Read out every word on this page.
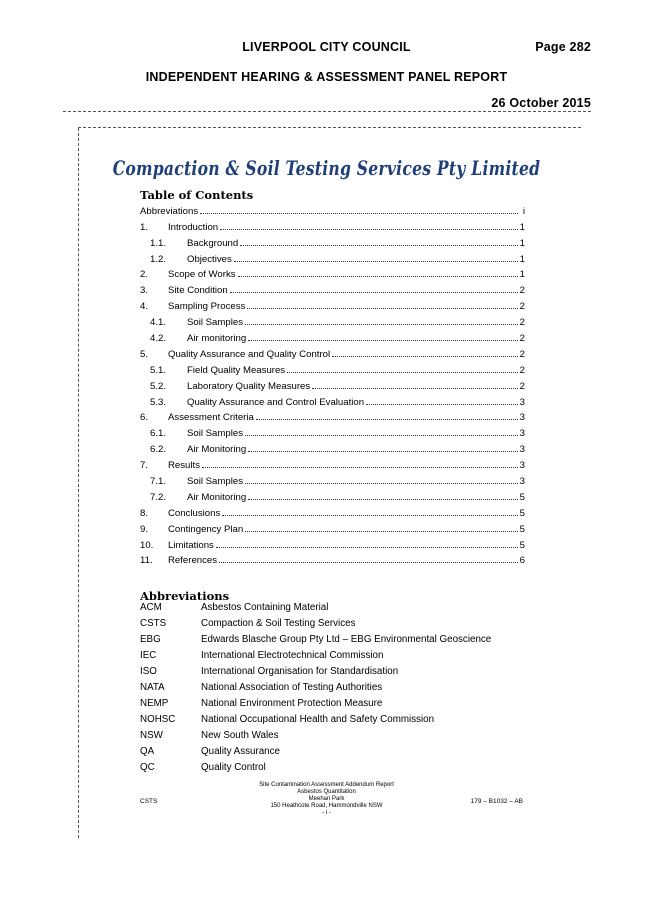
LIVERPOOL CITY COUNCIL	Page 282
INDEPENDENT HEARING & ASSESSMENT PANEL REPORT
26 October 2015
Compaction & Soil Testing Services Pty Limited
Table of Contents
Abbreviations	i
1.	Introduction	1
1.1.	Background	1
1.2.	Objectives	1
2.	Scope of Works	1
3.	Site Condition	2
4.	Sampling Process	2
4.1.	Soil Samples	2
4.2.	Air monitoring	2
5.	Quality Assurance and Quality Control	2
5.1.	Field Quality Measures	2
5.2.	Laboratory Quality Measures	2
5.3.	Quality Assurance and Control Evaluation	3
6.	Assessment Criteria	3
6.1.	Soil Samples	3
6.2.	Air Monitoring	3
7.	Results	3
7.1.	Soil Samples	3
7.2.	Air Monitoring	5
8.	Conclusions	5
9.	Contingency Plan	5
10.	Limitations	5
11.	References	6
Abbreviations
ACM	Asbestos Containing Material
CSTS	Compaction & Soil Testing Services
EBG	Edwards Blasche Group Pty Ltd – EBG Environmental Geoscience
IEC	International Electrotechnical Commission
ISO	International Organisation for Standardisation
NATA	National Association of Testing Authorities
NEMP	National Environment Protection Measure
NOHSC	National Occupational Health and Safety Commission
NSW	New South Wales
QA	Quality Assurance
QC	Quality Control
Site Contamination Assessment Addendum Report
Asbestos Quantitation
Meehan Park
150 Heathcote Road, Hammondville NSW
- i -
CSTS	179 – B1032 – AB
